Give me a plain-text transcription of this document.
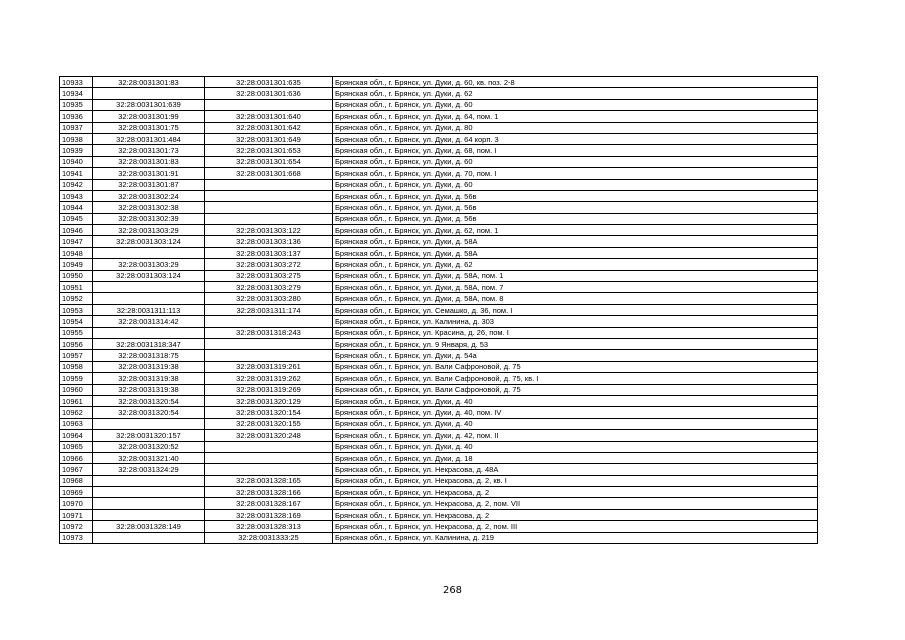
10933	32:28:0031301:83	32:28:0031301:635	Брянская обл., г. Брянск, ул. Дуки, д. 60, кв. поз. 2-8
10934		32:28:0031301:636	Брянская обл., г. Брянск, ул. Дуки, д. 62
10935	32:28:0031301:639		Брянская обл., г. Брянск, ул. Дуки, д. 60
10936	32:28:0031301:99	32:28:0031301:640	Брянская обл., г. Брянск, ул. Дуки, д. 64, пом. 1
10937	32:28:0031301:75	32:28:0031301:642	Брянская обл., г. Брянск, ул. Дуки, д. 80
10938	32:28:0031301:484	32:28:0031301:649	Брянская обл., г. Брянск, ул. Дуки, д. 64 корп. 3
10939	32:28:0031301:73	32:28:0031301:653	Брянская обл., г. Брянск, ул. Дуки, д. 68, пом. I
10940	32:28:0031301:83	32:28:0031301:654	Брянская обл., г. Брянск, ул. Дуки, д. 60
10941	32:28:0031301:91	32:28:0031301:668	Брянская обл., г. Брянск, ул. Дуки, д. 70, пом. I
10942	32:28:0031301:87		Брянская обл., г. Брянск, ул. Дуки, д. 60
10943	32:28:0031302:24		Брянская обл., г. Брянск, ул. Дуки, д. 56в
10944	32:28:0031302:38		Брянская обл., г. Брянск, ул. Дуки, д. 56в
10945	32:28:0031302:39		Брянская обл., г. Брянск, ул. Дуки, д. 56в
10946	32:28:0031303:29	32:28:0031303:122	Брянская обл., г. Брянск, ул. Дуки, д. 62, пом. 1
10947	32:28:0031303:124	32:28:0031303:136	Брянская обл., г. Брянск, ул. Дуки, д. 58А
10948		32:28:0031303:137	Брянская обл., г. Брянск, ул. Дуки, д. 58А
10949	32:28:0031303:29	32:28:0031303:272	Брянская обл., г. Брянск, ул. Дуки, д. 62
10950	32:28:0031303:124	32:28:0031303:275	Брянская обл., г. Брянск, ул. Дуки, д. 58А, пом. 1
10951		32:28:0031303:279	Брянская обл., г. Брянск, ул. Дуки, д. 58А, пом. 7
10952		32:28:0031303:280	Брянская обл., г. Брянск, ул. Дуки, д. 58А, пом. 8
10953	32:28:0031311:113	32:28:0031311:174	Брянская обл., г. Брянск, ул. Семашко, д. 36, пом. I
10954	32:28:0031314:42		Брянская обл., г. Брянск, ул. Калинина, д. 303
10955		32:28:0031318:243	Брянская обл., г. Брянск, ул. Красина, д. 26, пом. I
10956	32:28:0031318:347		Брянская обл., г. Брянск, ул. 9 Января, д. 53
10957	32:28:0031318:75		Брянская обл., г. Брянск, ул. Дуки, д. 54а
10958	32:28:0031319:38	32:28:0031319:261	Брянская обл., г. Брянск, ул. Вали Сафроновой, д. 75
10959	32:28:0031319:38	32:28:0031319:262	Брянская обл., г. Брянск, ул. Вали Сафроновой, д. 75, кв. I
10960	32:28:0031319:38	32:28:0031319:269	Брянская обл., г. Брянск, ул. Вали Сафроновой, д. 75
10961	32:28:0031320:54	32:28:0031320:129	Брянская обл., г. Брянск, ул. Дуки, д. 40
10962	32:28:0031320:54	32:28:0031320:154	Брянская обл., г. Брянск, ул. Дуки, д. 40, пом. IV
10963		32:28:0031320:155	Брянская обл., г. Брянск, ул. Дуки, д. 40
10964	32:28:0031320:157	32:28:0031320:248	Брянская обл., г. Брянск, ул. Дуки, д. 42, пом. II
10965	32:28:0031320:52		Брянская обл., г. Брянск, ул. Дуки, д. 40
10966	32:28:0031321:40		Брянская обл., г. Брянск, ул. Дуки, д. 18
10967	32:28:0031324:29		Брянская обл., г. Брянск, ул. Некрасова, д. 48А
10968		32:28:0031328:165	Брянская обл., г. Брянск, ул. Некрасова, д. 2, кв. I
10969		32:28:0031328:166	Брянская обл., г. Брянск, ул. Некрасова, д. 2
10970		32:28:0031328:167	Брянская обл., г. Брянск, ул. Некрасова, д. 2, пом. VII
10971		32:28:0031328:169	Брянская обл., г. Брянск, ул. Некрасова, д. 2
10972	32:28:0031328:149	32:28:0031328:313	Брянская обл., г. Брянск, ул. Некрасова, д. 2, пом. III
10973		32:28:0031333:25	Брянская обл., г. Брянск, ул. Калинина, д. 219
268
